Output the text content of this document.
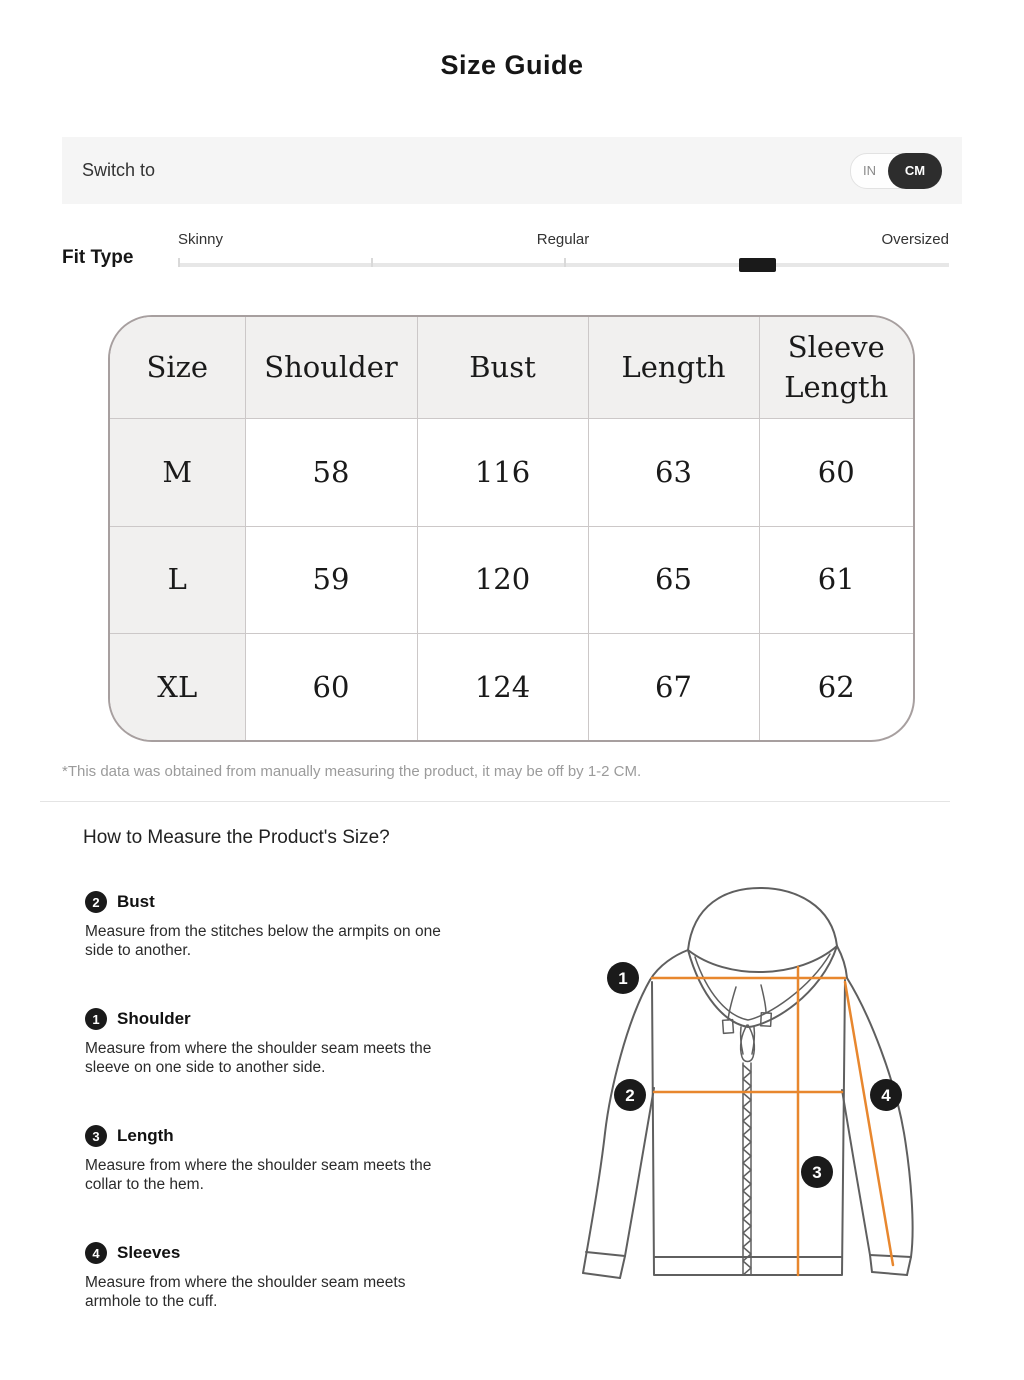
Size Guide
Switch to	IN	CM
Fit Type
Skinny	Regular	Oversized
Size	Shoulder	Bust	Length	Sleeve Length
M	58	116	63	60
L	59	120	65	61
XL	60	124	67	62
*This data was obtained from manually measuring the product, it may be off by 1-2 CM.
How to Measure the Product's Size?
2	Bust
Measure from the stitches below the armpits on one side to another.
1	Shoulder
Measure from where the shoulder seam meets the sleeve on one side to another side.
3	Length
Measure from where the shoulder seam meets the collar to the hem.
4	Sleeves
Measure from where the shoulder seam meets armhole to the cuff.
1
2
3
4
